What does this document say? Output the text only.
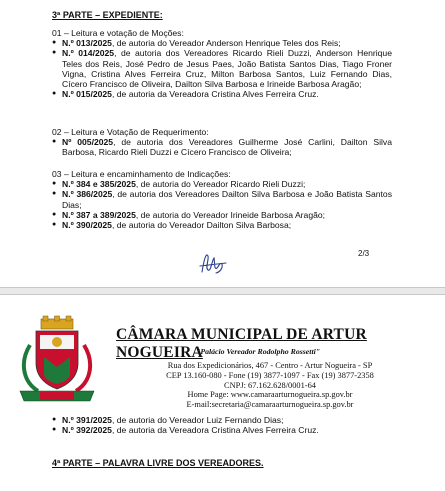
3ª PARTE – EXPEDIENTE:
01 – Leitura e votação de Moções:
● N.º 013/2025, de autoria do Vereador Anderson Henrique Teles dos Reis;
● N.º 014/2025, de autoria dos Vereadores Ricardo Rieli Duzzi, Anderson Henrique Teles dos Reis, José Pedro de Jesus Paes, João Batista Santos Dias, Tiago Froner Vigna, Cristina Alves Ferreira Cruz, Milton Barbosa Santos, Luiz Fernando Dias, Cícero Francisco de Oliveira, Dailton Silva Barbosa e Irineide Barbosa Aragão;
● N.º 015/2025, de autoria da Vereadora Cristina Alves Ferreira Cruz.
02 – Leitura e Votação de Requerimento:
● Nº 005/2025, de autoria dos Vereadores Guilherme José Carlini, Dailton Silva Barbosa, Ricardo Rieli Duzzi e Cícero Francisco de Oliveira;
03 – Leitura e encaminhamento de Indicações:
● N.º 384 e 385/2025, de autoria do Vereador Ricardo Rieli Duzzi;
● N.º 386/2025, de autoria dos Vereadores Dailton Silva Barbosa e João Batista Santos Dias;
● N.º 387 a 389/2025, de autoria do Vereador Irineide Barbosa Aragão;
● N.º 390/2025, de autoria do Vereador Dailton Silva Barbosa;
2/3
CÂMARA MUNICIPAL DE ARTUR NOGUEIRA
"Palácio Vereador Rodolpho Rossetti"
Rua dos Expedicionários, 467 - Centro - Artur Nogueira - SP
CEP 13.160-080 - Fone (19) 3877-1097 - Fax (19) 3877-2358
CNPJ: 67.162.628/0001-64
Home Page: www.camaraarturnogueira.sp.gov.br
E-mail:secretaria@camaraarturnogueira.sp.gov.br
● N.º 391/2025, de autoria do Vereador Luiz Fernando Dias;
● N.º 392/2025, de autoria da Vereadora Cristina Alves Ferreira Cruz.
4ª PARTE – PALAVRA LIVRE DOS VEREADORES.
